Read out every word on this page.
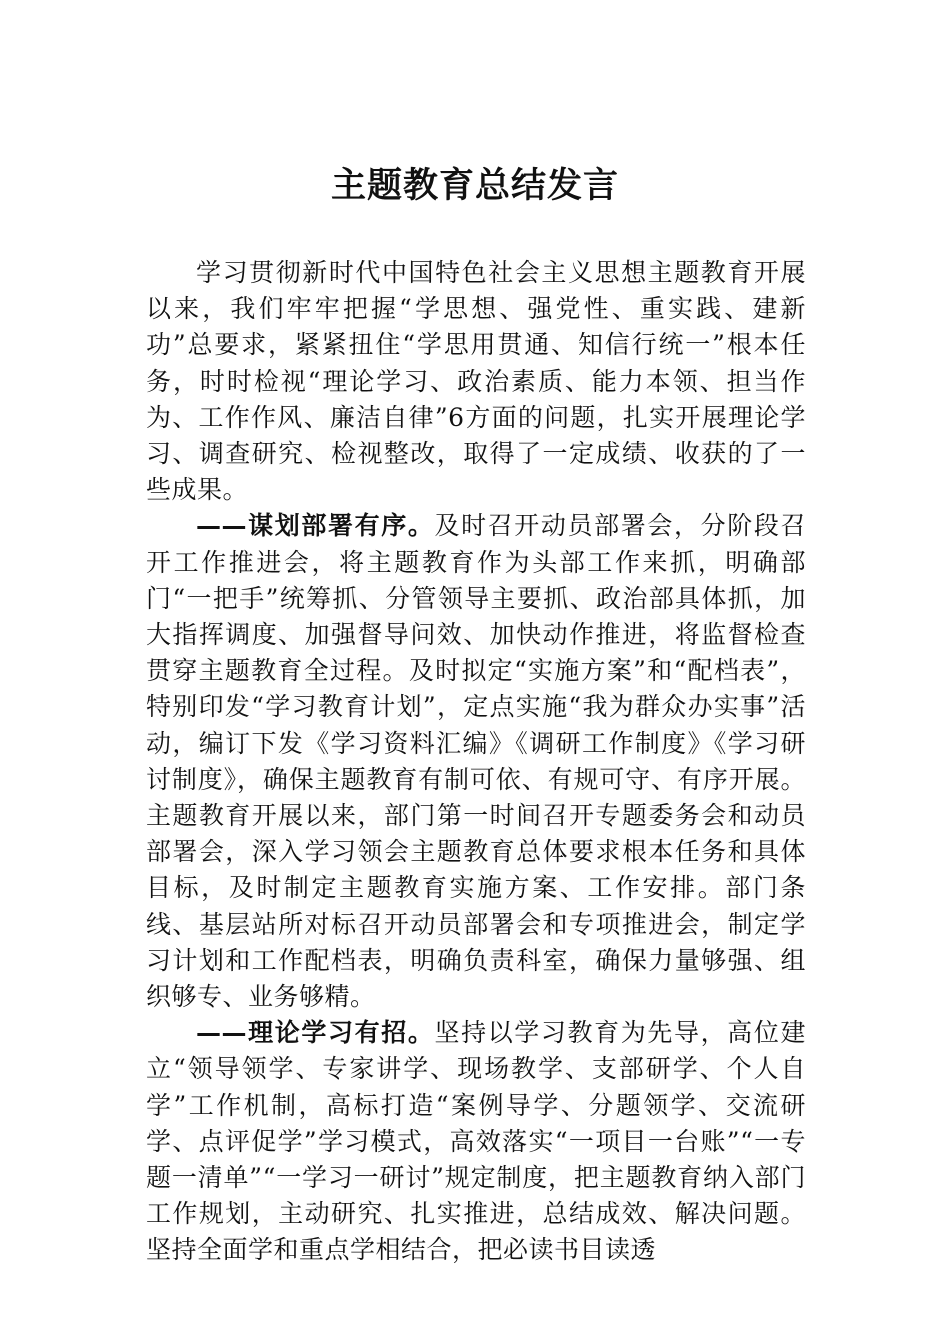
主题教育总结发言

学习贯彻新时代中国特色社会主义思想主题教育开展以来，我们牢牢把握“学思想、强党性、重实践、建新功”总要求，紧紧扭住“学思用贯通、知信行统一”根本任务，时时检视“理论学习、政治素质、能力本领、担当作为、工作作风、廉洁自律”6方面的问题，扎实开展理论学习、调查研究、检视整改，取得了一定成绩、收获的了一些成果。

——谋划部署有序。及时召开动员部署会，分阶段召开工作推进会，将主题教育作为头部工作来抓，明确部门“一把手”统筹抓、分管领导主要抓、政治部具体抓，加大指挥调度、加强督导问效、加快动作推进，将监督检查贯穿主题教育全过程。及时拟定“实施方案”和“配档表”，特别印发“学习教育计划”，定点实施“我为群众办实事”活动，编订下发《学习资料汇编》《调研工作制度》《学习研讨制度》，确保主题教育有制可依、有规可守、有序开展。主题教育开展以来，部门第一时间召开专题委务会和动员部署会，深入学习领会主题教育总体要求根本任务和具体目标，及时制定主题教育实施方案、工作安排。部门条线、基层站所对标召开动员部署会和专项推进会，制定学习计划和工作配档表，明确负责科室，确保力量够强、组织够专、业务够精。

——理论学习有招。坚持以学习教育为先导，高位建立“领导领学、专家讲学、现场教学、支部研学、个人自学”工作机制，高标打造“案例导学、分题领学、交流研学、点评促学”学习模式，高效落实“一项目一台账”“一专题一清单”“一学习一研讨”规定制度，把主题教育纳入部门工作规划，主动研究、扎实推进，总结成效、解决问题。坚持全面学和重点学相结合，把必读书目读透
